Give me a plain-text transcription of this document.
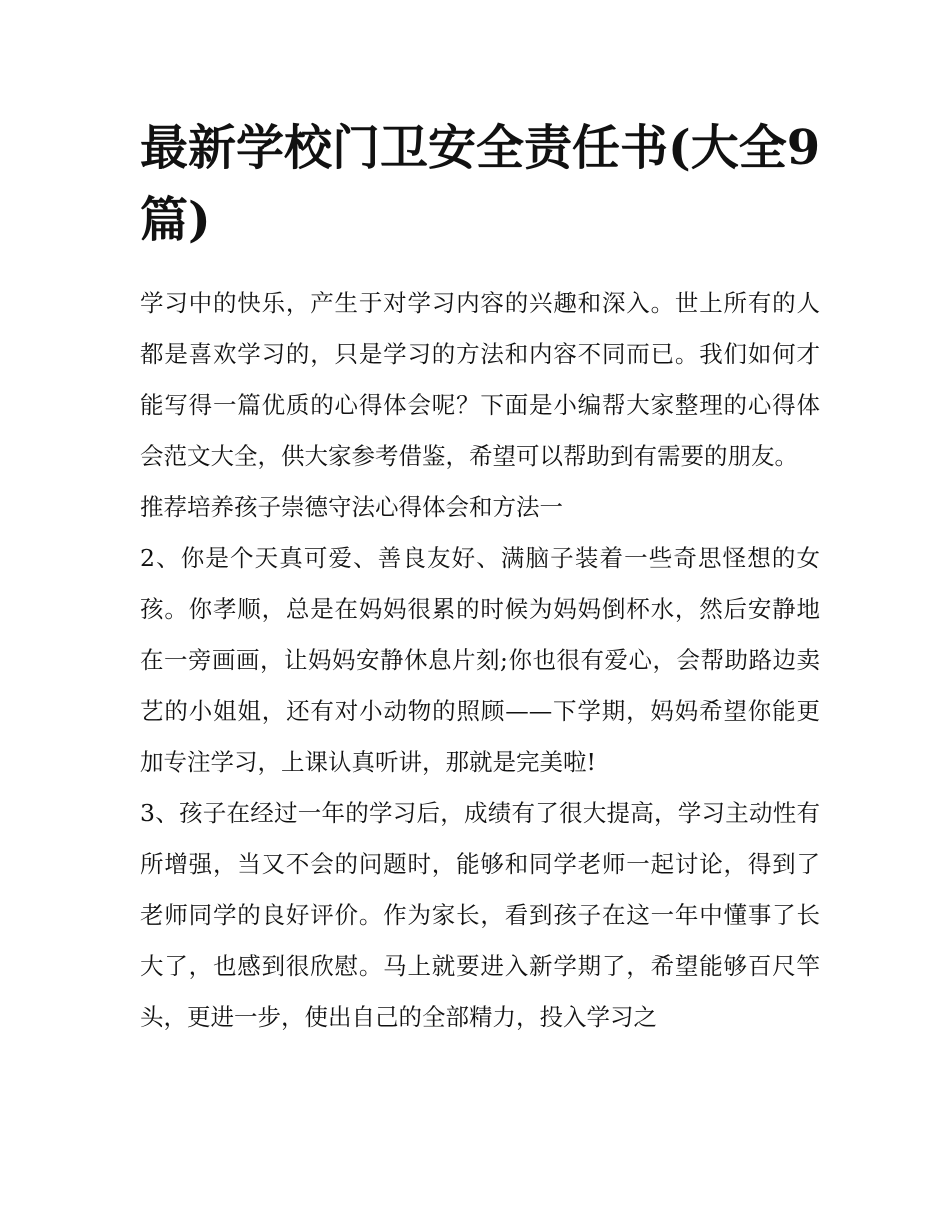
最新学校门卫安全责任书(大全9篇)

学习中的快乐，产生于对学习内容的兴趣和深入。世上所有的人都是喜欢学习的，只是学习的方法和内容不同而已。我们如何才能写得一篇优质的心得体会呢？下面是小编帮大家整理的心得体会范文大全，供大家参考借鉴，希望可以帮助到有需要的朋友。

推荐培养孩子崇德守法心得体会和方法一

2、你是个天真可爱、善良友好、满脑子装着一些奇思怪想的女孩。你孝顺，总是在妈妈很累的时候为妈妈倒杯水，然后安静地在一旁画画，让妈妈安静休息片刻;你也很有爱心，会帮助路边卖艺的小姐姐，还有对小动物的照顾——下学期，妈妈希望你能更加专注学习，上课认真听讲，那就是完美啦!

3、孩子在经过一年的学习后，成绩有了很大提高，学习主动性有所增强，当又不会的问题时，能够和同学老师一起讨论，得到了老师同学的良好评价。作为家长，看到孩子在这一年中懂事了长大了，也感到很欣慰。马上就要进入新学期了，希望能够百尺竿头，更进一步，使出自己的全部精力，投入学习之
